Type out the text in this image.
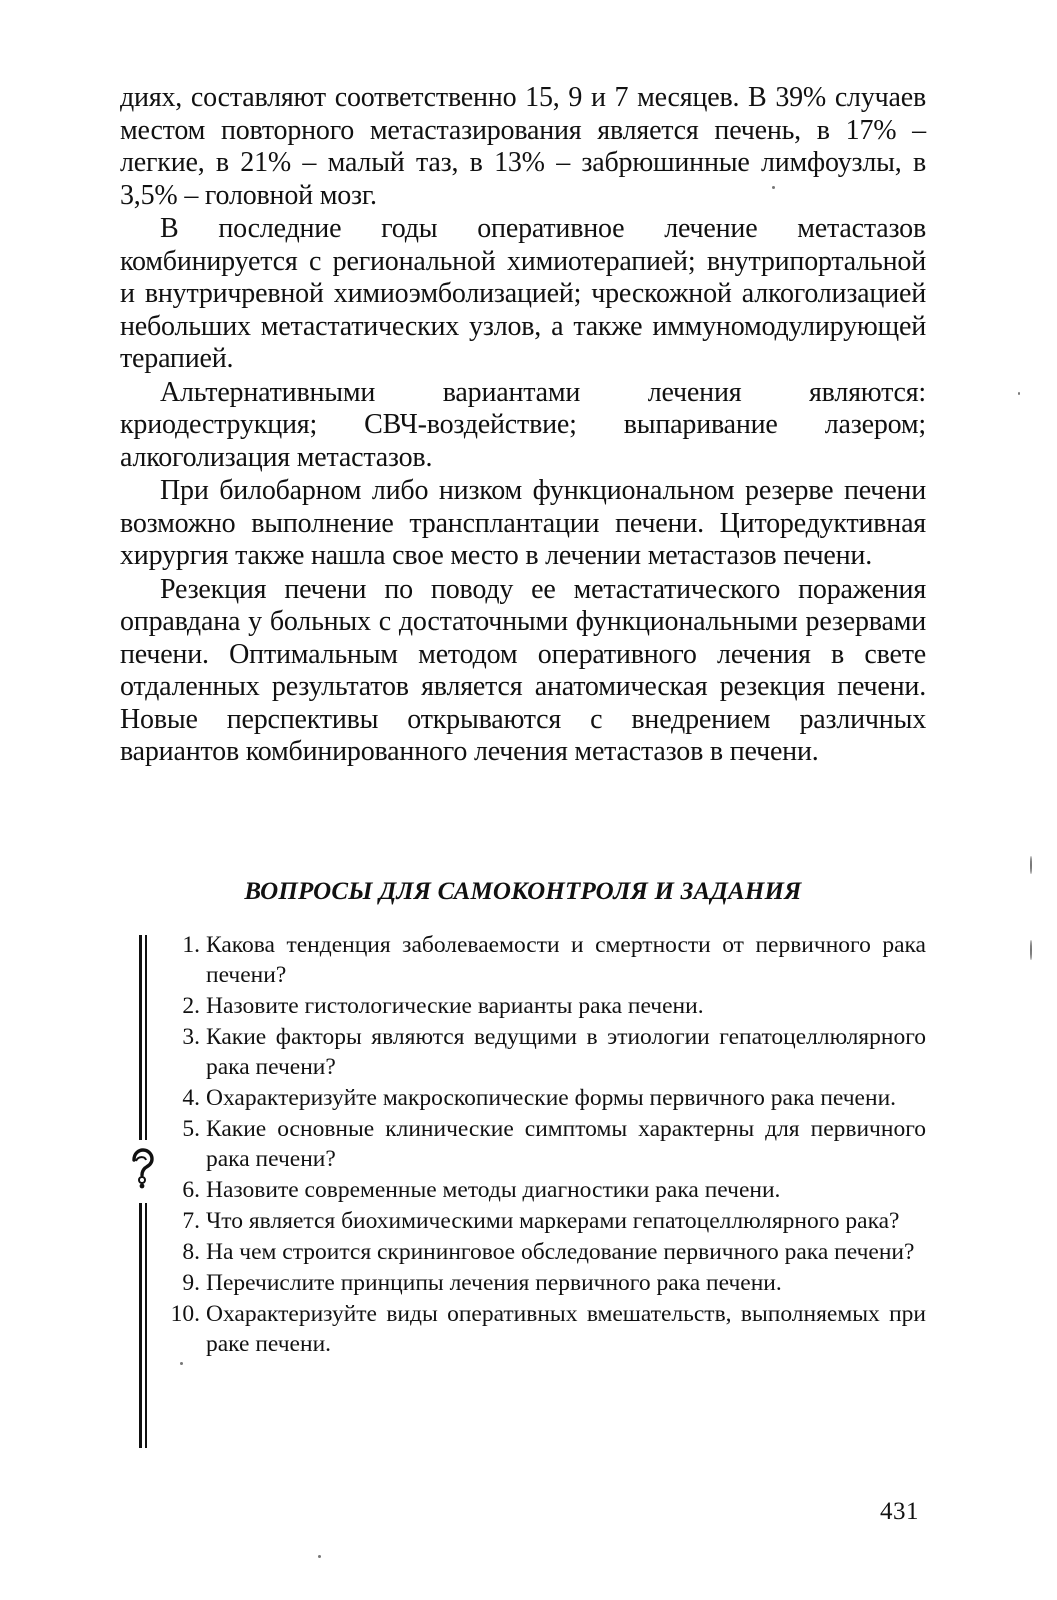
диях, составляют соответственно 15, 9 и 7 месяцев. В 39% случаев местом повторного метастазирования является печень, в 17% – легкие, в 21% – малый таз, в 13% – забрюшинные лимфоузлы, в 3,5% – головной мозг.

В последние годы оперативное лечение метастазов комбинируется с региональной химиотерапией; внутрипортальной и внутричревной химиоэмболизацией; чрескожной алкоголизацией небольших метастатических узлов, а также иммуномодулирующей терапией.

Альтернативными вариантами лечения являются: криодеструкция; СВЧ-воздействие; выпаривание лазером; алкоголизация метастазов.

При билобарном либо низком функциональном резерве печени возможно выполнение трансплантации печени. Циторедуктивная хирургия также нашла свое место в лечении метастазов печени.

Резекция печени по поводу ее метастатического поражения оправдана у больных с достаточными функциональными резервами печени. Оптимальным методом оперативного лечения в свете отдаленных результатов является анатомическая резекция печени. Новые перспективы открываются с внедрением различных вариантов комбинированного лечения метастазов в печени.

ВОПРОСЫ ДЛЯ САМОКОНТРОЛЯ И ЗАДАНИЯ
1. Какова тенденция заболеваемости и смертности от первичного рака печени?
2. Назовите гистологические варианты рака печени.
3. Какие факторы являются ведущими в этиологии гепатоцеллюлярного рака печени?
4. Охарактеризуйте макроскопические формы первичного рака печени.
5. Какие основные клинические симптомы характерны для первичного рака печени?
6. Назовите современные методы диагностики рака печени.
7. Что является биохимическими маркерами гепатоцеллюлярного рака?
8. На чем строится скрининговое обследование первичного рака печени?
9. Перечислите принципы лечения первичного рака печени.
10. Охарактеризуйте виды оперативных вмешательств, выполняемых при раке печени.
431
